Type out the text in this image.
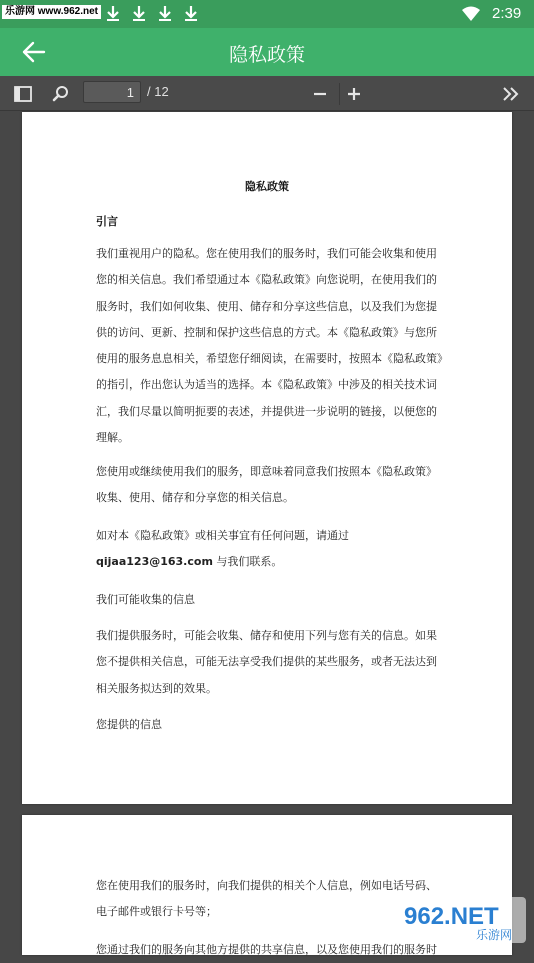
乐游网 www.962.net	2:39
隐私政策
1
/ 12
隐私政策
引言
我们重视用户的隐私。您在使用我们的服务时，我们可能会收集和使用
您的相关信息。我们希望通过本《隐私政策》向您说明，在使用我们的
服务时，我们如何收集、使用、储存和分享这些信息，以及我们为您提
供的访问、更新、控制和保护这些信息的方式。本《隐私政策》与您所
使用的服务息息相关，希望您仔细阅读，在需要时，按照本《隐私政策》
的指引，作出您认为适当的选择。本《隐私政策》中涉及的相关技术词
汇，我们尽量以简明扼要的表述，并提供进一步说明的链接，以便您的
理解。
您使用或继续使用我们的服务，即意味着同意我们按照本《隐私政策》
收集、使用、储存和分享您的相关信息。
如对本《隐私政策》或相关事宜有任何问题，请通过
qijaa123@163.com 与我们联系。
我们可能收集的信息
我们提供服务时，可能会收集、储存和使用下列与您有关的信息。如果
您不提供相关信息，可能无法享受我们提供的某些服务，或者无法达到
相关服务拟达到的效果。
您提供的信息
您在使用我们的服务时，向我们提供的相关个人信息，例如电话号码、
电子邮件或银行卡号等；
您通过我们的服务向其他方提供的共享信息，以及您使用我们的服务时
962.NET
乐游网
